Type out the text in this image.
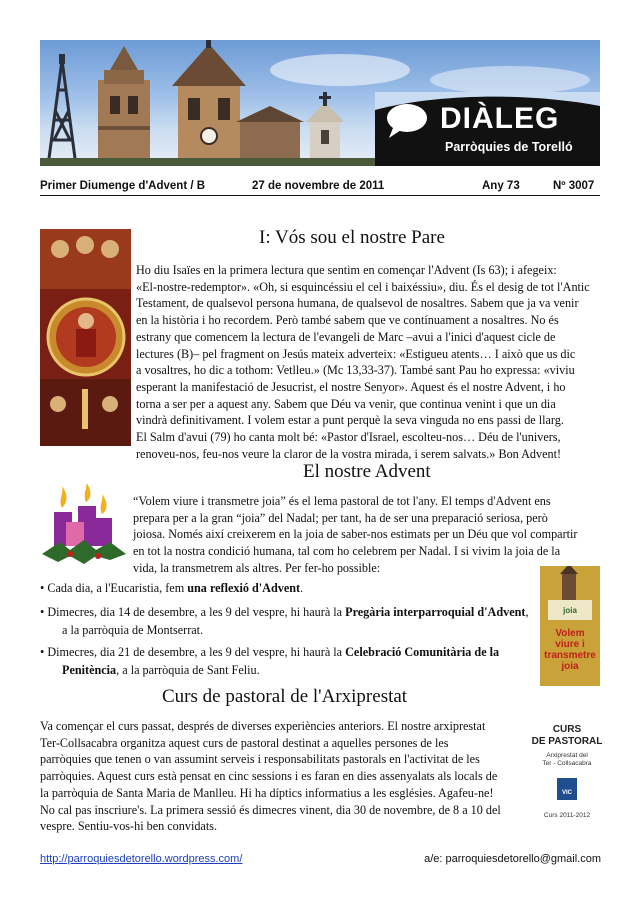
DIÀLEG
Parròquies de Torelló
Primer Diumenge d'Advent / B	27 de novembre de 2011	Any 73	Nº 3007
I: Vós sou el nostre Pare

Ho diu Isaïes en la primera lectura que sentim en començar l'Advent (Is 63); i afegeix:

«El-nostre-redemptor». «Oh, si esquincéssiu el cel i baixéssiu», diu. És el desig de tot l'Antic

Testament, de qualsevol persona humana, de qualsevol de nosaltres. Sabem que ja va venir

en la història i ho recordem. Però també sabem que ve contínuament a nosaltres. No és

estrany que comencem la lectura de l'evangeli de Marc –avui a l'inici d'aquest cicle de

lectures (B)– pel fragment on Jesús mateix adverteix: «Estigueu atents… I això que us dic

a vosaltres, ho dic a tothom: Vetlleu.» (Mc 13,33-37). També sant Pau ho expressa: «viviu

esperant la manifestació de Jesucrist, el nostre Senyor». Aquest és el nostre Advent, i ho

torna a ser per a aquest any. Sabem que Déu va venir, que continua venint i que un dia

vindrà definitivament. I volem estar a punt perquè la seva vinguda no ens passi de llarg.

El Salm d'avui (79) ho canta molt bé: «Pastor d'Israel, escolteu-nos… Déu de l'univers,

renoveu-nos, feu-nos veure la claror de la vostra mirada, i serem salvats.» Bon Advent!

El nostre Advent

“Volem viure i transmetre joia” és el lema pastoral de tot l'any. El temps d'Advent ens

prepara per a la gran “joia” del Nadal; per tant, ha de ser una preparació seriosa, però

joiosa. Només així creixerem en la joia de saber-nos estimats per un Déu que vol compartir

en tot la nostra condició humana, tal com ho celebrem per Nadal. I si vivim la joia de la

vida, la transmetrem als altres. Per fer-ho possible:

• Cada dia, a l'Eucaristia, fem una reflexió d'Advent.

• Dimecres, dia 14 de desembre, a les 9 del vespre, hi haurà la Pregària interparroquial d'Advent,

a la parròquia de Montserrat.

• Dimecres, dia 21 de desembre, a les 9 del vespre, hi haurà la Celebració Comunitària de la

Penitència, a la parròquia de Sant Feliu.

joia
Volem viure i transmetre joia
Curs de pastoral de l'Arxiprestat

Va començar el curs passat, després de diverses experiències anteriors. El nostre arxiprestat

Ter-Collsacabra organitza aquest curs de pastoral destinat a aquelles persones de les

parròquies que tenen o van assumint serveis i responsabilitats pastorals en l'activitat de les

parròquies. Aquest curs està pensat en cinc sessions i es faran en dies assenyalats als locals de

la parròquia de Santa Maria de Manlleu. Hi ha díptics informatius a les esglésies. Agafeu-ne!

No cal pas inscriure's. La primera sessió és dimecres vinent, dia 30 de novembre, de 8 a 10 del

vespre. Sentiu-vos-hi ben convidats.

CURS
DE PASTORAL
Arxiprestat del
Ter - Collsacabra
VIC
Curs 2011-2012
http://parroquiesdetorello.wordpress.com/	a/e: parroquiesdetorello@gmail.com
